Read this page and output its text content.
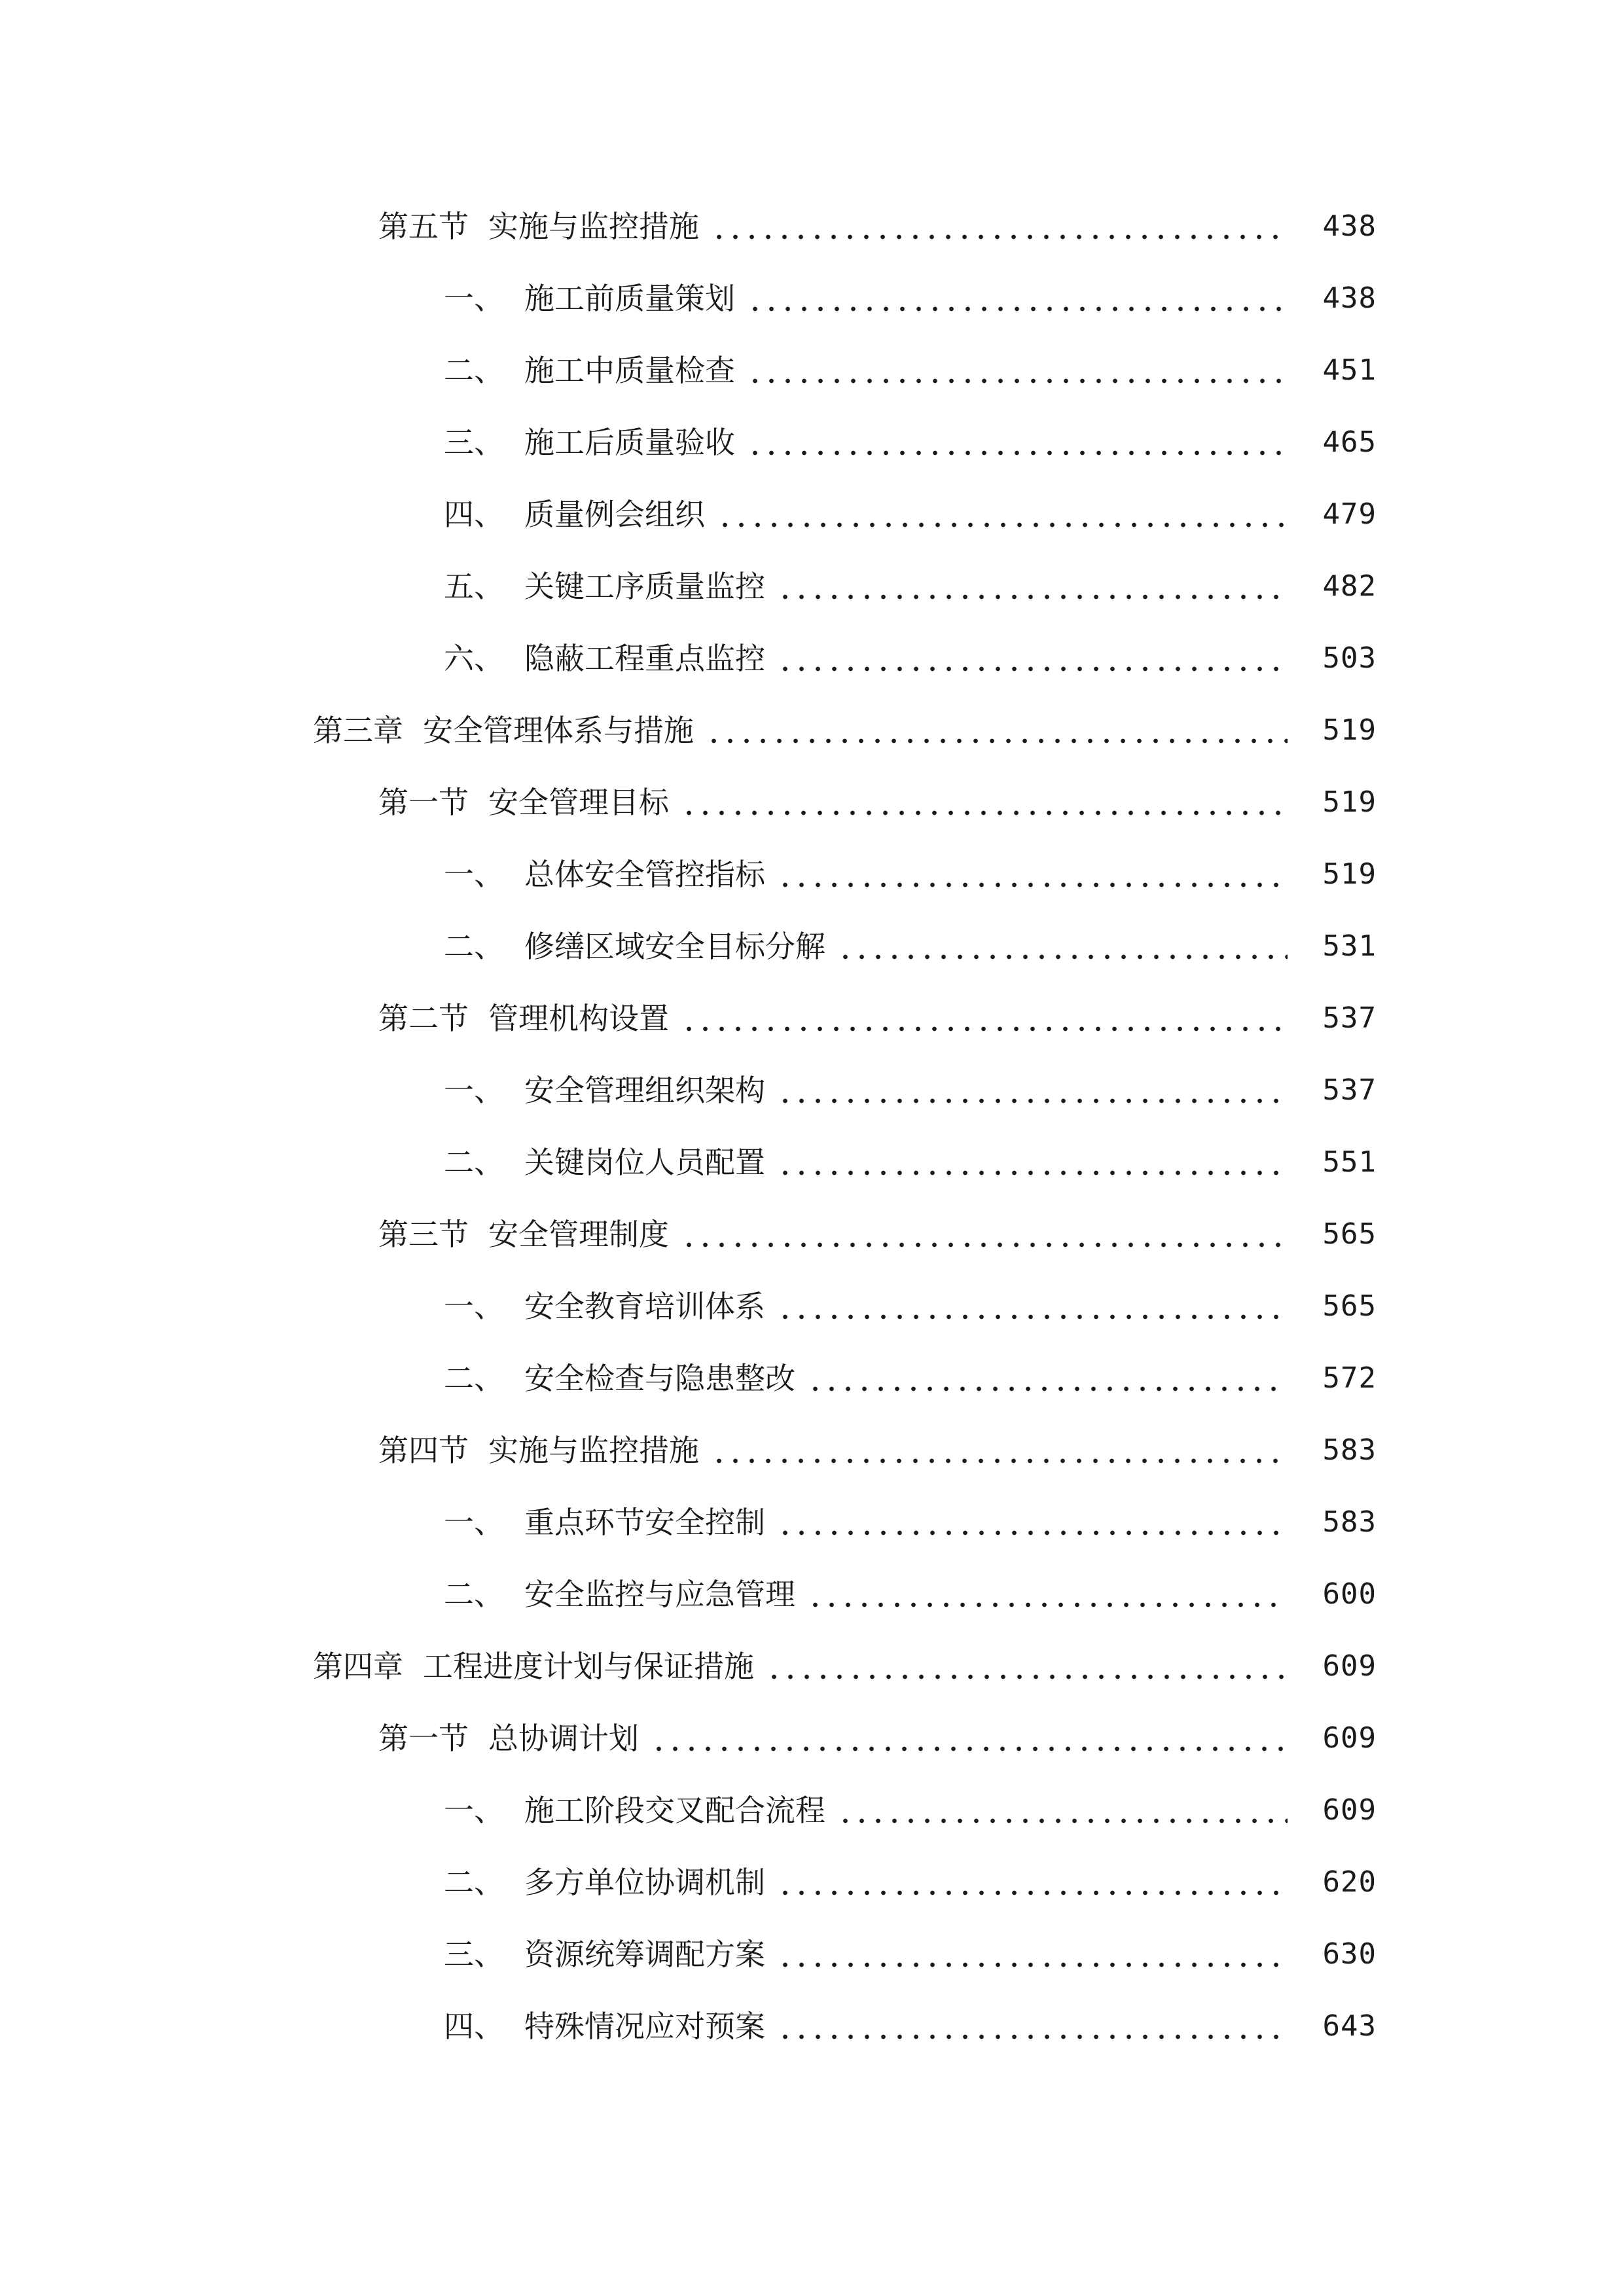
第五节 实施与监控措施	438
一、 施工前质量策划	438
二、 施工中质量检查	451
三、 施工后质量验收	465
四、 质量例会组织	479
五、 关键工序质量监控	482
六、 隐蔽工程重点监控	503
第三章 安全管理体系与措施	519
第一节 安全管理目标	519
一、 总体安全管控指标	519
二、 修缮区域安全目标分解	531
第二节 管理机构设置	537
一、 安全管理组织架构	537
二、 关键岗位人员配置	551
第三节 安全管理制度	565
一、 安全教育培训体系	565
二、 安全检查与隐患整改	572
第四节 实施与监控措施	583
一、 重点环节安全控制	583
二、 安全监控与应急管理	600
第四章 工程进度计划与保证措施	609
第一节 总协调计划	609
一、 施工阶段交叉配合流程	609
二、 多方单位协调机制	620
三、 资源统筹调配方案	630
四、 特殊情况应对预案	643
